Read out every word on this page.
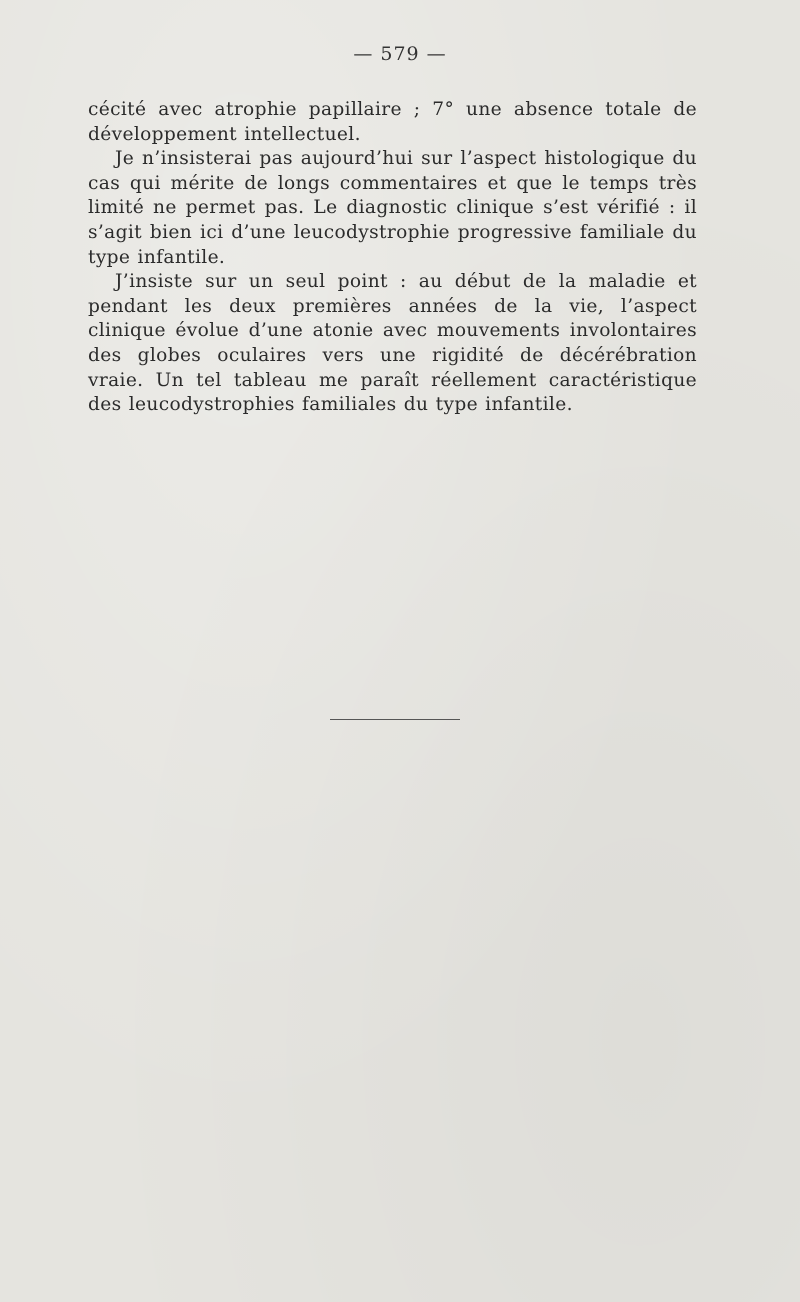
— 579 —

cécité avec atrophie papillaire ; 7° une absence totale de développement intellectuel.

Je n’insisterai pas aujourd’hui sur l’aspect histologique du cas qui mérite de longs commentaires et que le temps très limité ne permet pas. Le diagnostic clinique s’est vérifié : il s’agit bien ici d’une leucodystrophie progressive familiale du type infantile.

J’insiste sur un seul point : au début de la maladie et pendant les deux premières années de la vie, l’aspect clinique évolue d’une atonie avec mouvements involontaires des globes oculaires vers une rigidité de décérébration vraie. Un tel tableau me paraît réellement caractéristique des leucodystrophies familiales du type infantile.
